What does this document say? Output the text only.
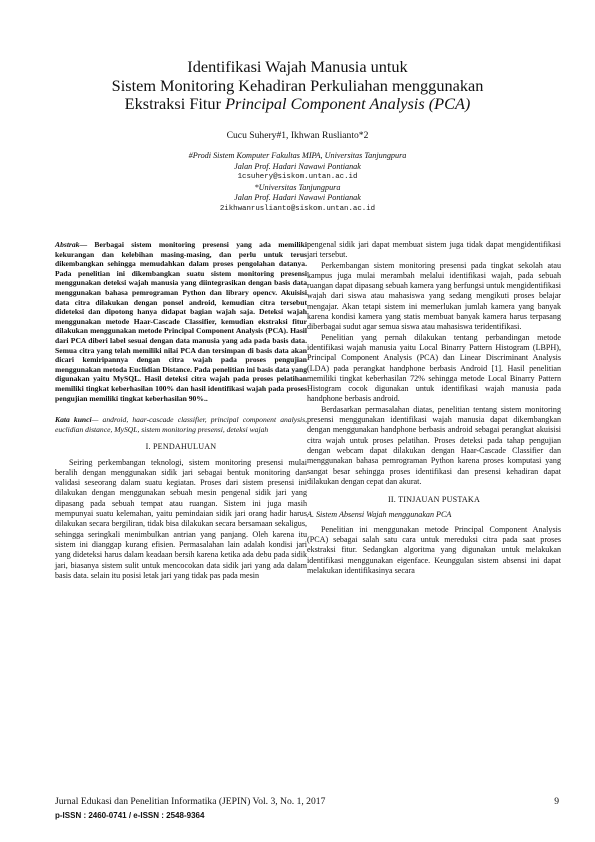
Identifikasi Wajah Manusia untuk
Sistem Monitoring Kehadiran Perkuliahan menggunakan
Ekstraksi Fitur Principal Component Analysis (PCA)
Cucu Suhery#1, Ikhwan Ruslianto*2
#Prodi Sistem Komputer Fakultas MIPA, Universitas Tanjungpura
Jalan Prof. Hadari Nawawi Pontianak
1csuhery@siskom.untan.ac.id
*Universitas Tanjungpura
Jalan Prof. Hadari Nawawi Pontianak
2ikhwanruslianto@siskom.untan.ac.id
Abstrak— Berbagai sistem monitoring presensi yang ada memiliki kekurangan dan kelebihan masing-masing, dan perlu untuk terus dikembangkan sehingga memudahkan dalam proses pengolahan datanya. Pada penelitian ini dikembangkan suatu sistem monitoring presensi menggunakan deteksi wajah manusia yang diintegrasikan dengan basis data menggunakan bahasa pemrograman Python dan library opencv. Akuisisi data citra dilakukan dengan ponsel android, kemudian citra tersebut dideteksi dan dipotong hanya didapat bagian wajah saja. Deteksi wajah menggunakan metode Haar-Cascade Classifier, kemudian ekstraksi fitur dilakukan menggunakan metode Principal Component Analysis (PCA). Hasil dari PCA diberi label sesuai dengan data manusia yang ada pada basis data. Semua citra yang telah memiliki nilai PCA dan tersimpan di basis data akan dicari kemiripannya dengan citra wajah pada proses pengujian menggunakan metoda Euclidian Distance. Pada penelitian ini basis data yang digunakan yaitu MySQL. Hasil deteksi citra wajah pada proses pelatihan memiliki tingkat keberhasilan 100% dan hasil identifikasi wajah pada proses pengujian memiliki tingkat keberhasilan 90%..
Kata kunci— android, haar-cascade classifier, principal component analysis, euclidian distance, MySQL, sistem monitoring presensi, deteksi wajah
I. PENDAHULUAN

Seiring perkembangan teknologi, sistem monitoring presensi mulai beralih dengan menggunakan sidik jari sebagai bentuk monitoring dan validasi seseorang dalam suatu kegiatan. Proses dari sistem presensi ini dilakukan dengan menggunakan sebuah mesin pengenal sidik jari yang dipasang pada sebuah tempat atau ruangan. Sistem ini juga masih mempunyai suatu kelemahan, yaitu pemindaian sidik jari orang hadir harus dilakukan secara bergiliran, tidak bisa dilakukan secara bersamaan sekaligus, sehingga seringkali menimbulkan antrian yang panjang. Oleh karena itu sistem ini dianggap kurang efisien. Permasalahan lain adalah kondisi jari yang dideteksi harus dalam keadaan bersih karena ketika ada debu pada sidik jari, biasanya sistem sulit untuk mencocokan data sidik jari yang ada dalam basis data. selain itu posisi letak jari yang tidak pas pada mesin

pengenal sidik jari dapat membuat sistem juga tidak dapat mengidentifikasi jari tersebut.

Perkembangan sistem monitoring presensi pada tingkat sekolah atau kampus juga mulai merambah melalui identifikasi wajah, pada sebuah ruangan dapat dipasang sebuah kamera yang berfungsi untuk mengidentifikasi wajah dari siswa atau mahasiswa yang sedang mengikuti proses belajar mengajar. Akan tetapi sistem ini memerlukan jumlah kamera yang banyak karena kondisi kamera yang statis membuat banyak kamera harus terpasang diberbagai sudut agar semua siswa atau mahasiswa teridentifikasi.

Penelitian yang pernah dilakukan tentang perbandingan metode identifikasi wajah manusia yaitu Local Binarry Pattern Histogram (LBPH), Principal Component Analysis (PCA) dan Linear Discriminant Analysis (LDA) pada perangkat handphone berbasis Android [1]. Hasil penelitian memiliki tingkat keberhasilan 72% sehingga metode Local Binarry Pattern Histogram cocok digunakan untuk identifikasi wajah manusia pada handphone berbasis android.

Berdasarkan permasalahan diatas, penelitian tentang sistem monitoring presensi menggunakan identifikasi wajah manusia dapat dikembangkan dengan menggunakan handphone berbasis android sebagai perangkat akuisisi citra wajah untuk proses pelatihan. Proses deteksi pada tahap pengujian dengan webcam dapat dilakukan dengan Haar-Cascade Classifier dan menggunakan bahasa pemrograman Python karena proses komputasi yang sangat besar sehingga proses identifikasi dan presensi kehadiran dapat dilakukan dengan cepat dan akurat.

II. TINJAUAN PUSTAKA
A. Sistem Absensi Wajah menggunakan PCA

Penelitian ini menggunakan metode Principal Component Analysis (PCA) sebagai salah satu cara untuk mereduksi citra pada saat proses ekstraksi fitur. Sedangkan algoritma yang digunakan untuk melakukan identifikasi menggunakan eigenface. Keunggulan sistem absensi ini dapat melakukan identifikasinya secara

Jurnal Edukasi dan Penelitian Informatika (JEPIN) Vol. 3, No. 1, 2017	9
p-ISSN : 2460-0741 / e-ISSN : 2548-9364
